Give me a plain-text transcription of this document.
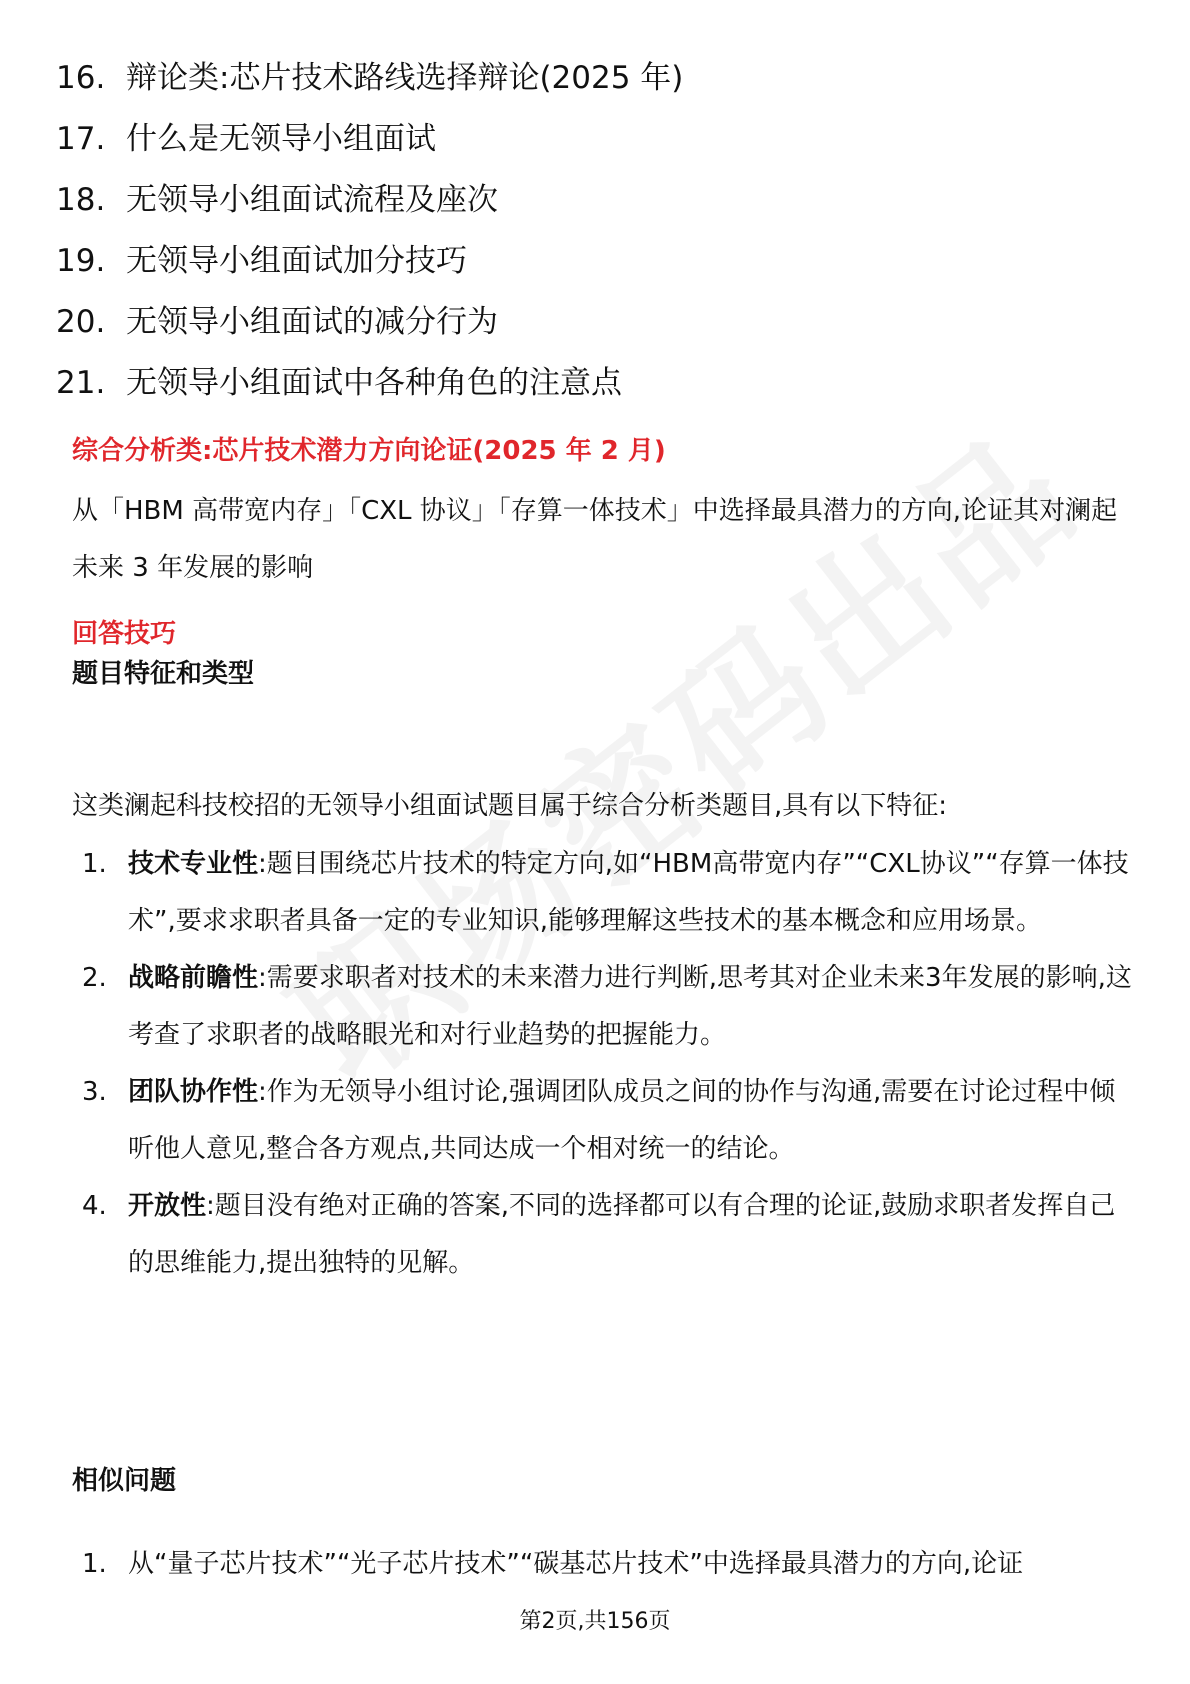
16. 辩论类:芯片技术路线选择辩论(2025 年)
17. 什么是无领导小组面试
18. 无领导小组面试流程及座次
19. 无领导小组面试加分技巧
20. 无领导小组面试的减分行为
21. 无领导小组面试中各种角色的注意点
综合分析类:芯片技术潜力方向论证(2025 年 2 月)
从「HBM 高带宽内存」「CXL 协议」「存算一体技术」中选择最具潜力的方向,论证其对澜起未来 3 年发展的影响
回答技巧
题目特征和类型
这类澜起科技校招的无领导小组面试题目属于综合分析类题目,具有以下特征:
1. 技术专业性:题目围绕芯片技术的特定方向,如“HBM高带宽内存”“CXL协议”“存算一体技术”,要求求职者具备一定的专业知识,能够理解这些技术的基本概念和应用场景。
2. 战略前瞻性:需要求职者对技术的未来潜力进行判断,思考其对企业未来3年发展的影响,这考查了求职者的战略眼光和对行业趋势的把握能力。
3. 团队协作性:作为无领导小组讨论,强调团队成员之间的协作与沟通,需要在讨论过程中倾听他人意见,整合各方观点,共同达成一个相对统一的结论。
4. 开放性:题目没有绝对正确的答案,不同的选择都可以有合理的论证,鼓励求职者发挥自己的思维能力,提出独特的见解。
相似问题
1. 从“量子芯片技术”“光子芯片技术”“碳基芯片技术”中选择最具潜力的方向,论证
第2页,共156页
